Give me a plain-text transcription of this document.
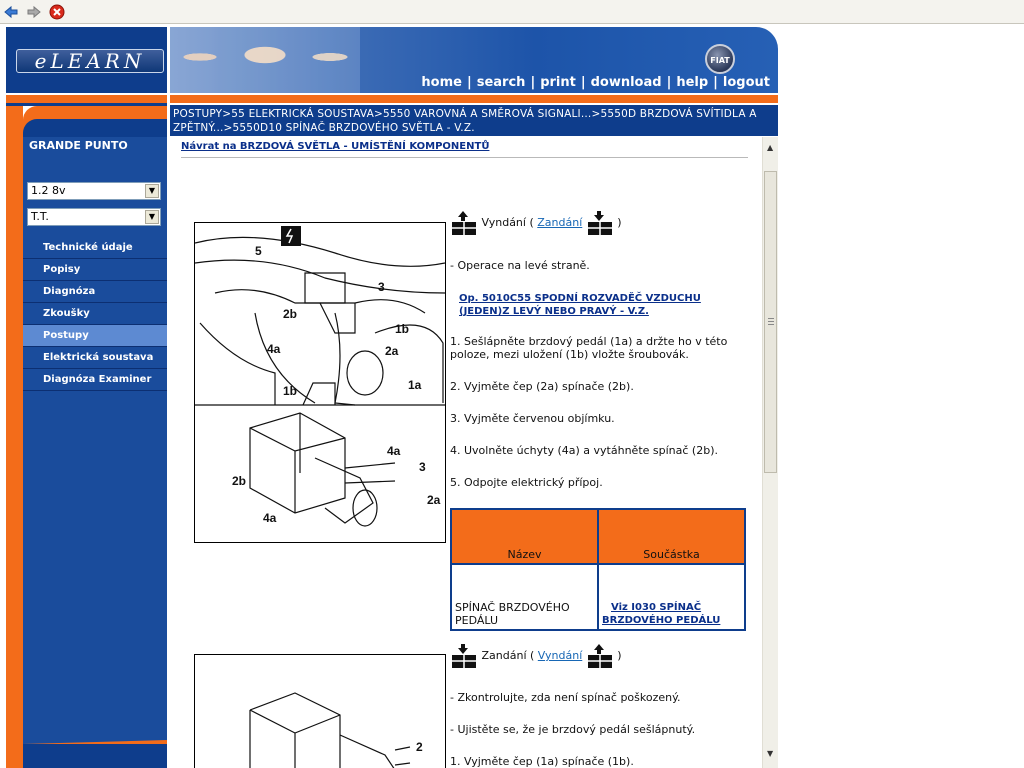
eLEARN
home | search | print | download | help | logout
FIAT
GRANDE PUNTO
1.2 8v	▼
T.T.	▼
Technické údaje
Popisy
Diagnóza
Zkoušky
Postupy
Elektrická soustava
Diagnóza Examiner
POSTUPY>55 ELEKTRICKÁ SOUSTAVA>5550 VAROVNÁ A SMĚROVÁ SIGNALI...>5550D BRZDOVÁ SVÍTIDLA A ZPĚTNÝ...>5550D10 SPÍNAČ BRZDOVÉHO SVĚTLA - V.Z.
Návrat na BRZDOVÁ SVĚTLA - UMÍSTĚNÍ KOMPONENTŮ
5
3
2b
1b
4a	2a
1b	1a
2b
4a
3
2a
4a
Vyndání ( Zandání	)
- Operace na levé straně.
Op. 5010C55 SPODNÍ ROZVADĚČ VZDUCHU (JEDEN)Z LEVÝ NEBO PRAVÝ - V.Z.
1. Sešlápněte brzdový pedál (1a) a držte ho v této poloze, mezi uložení (1b) vložte šroubovák.
2. Vyjměte čep (2a) spínače (2b).
3. Vyjměte červenou objímku.
4. Uvolněte úchyty (4a) a vytáhněte spínač (2b).
5. Odpojte elektrický přípoj.
Název	Součástka
SPÍNAČ BRZDOVÉHO PEDÁLU	Viz I030 SPÍNAČ BRZDOVÉHO PEDÁLU
2
Zandání ( Vyndání	)
- Zkontrolujte, zda není spínač poškozený.
- Ujistěte se, že je brzdový pedál sešlápnutý.
1. Vyjměte čep (1a) spínače (1b).
▲
▼
